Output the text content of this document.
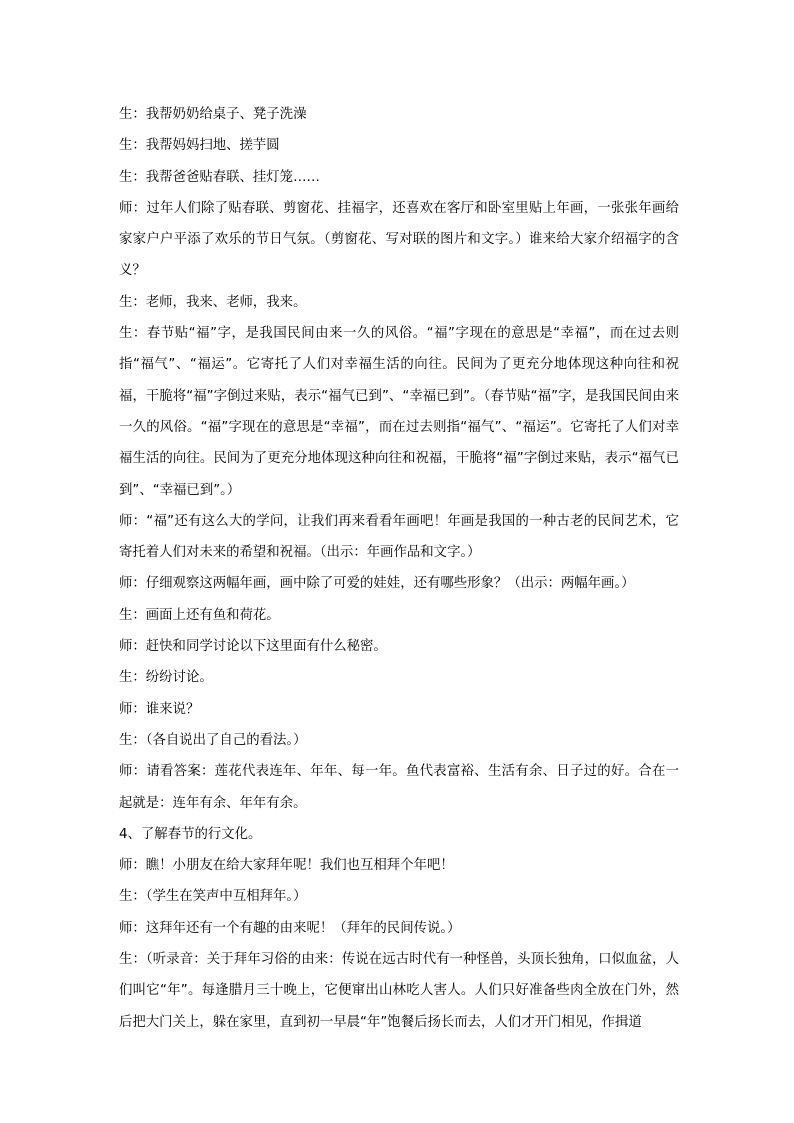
生：我帮奶奶给桌子、凳子洗澡

生：我帮妈妈扫地、搓芋圆

生：我帮爸爸贴春联、挂灯笼……

师：过年人们除了贴春联、剪窗花、挂福字，还喜欢在客厅和卧室里贴上年画，一张张年画给家家户户平添了欢乐的节日气氛。（剪窗花、写对联的图片和文字。）谁来给大家介绍福字的含义？

生：老师，我来、老师，我来。

生：春节贴“福”字，是我国民间由来一久的风俗。“福”字现在的意思是“幸福”，而在过去则指“福气”、“福运”。它寄托了人们对幸福生活的向往。民间为了更充分地体现这种向往和祝福，干脆将“福”字倒过来贴，表示“福气已到”、“幸福已到”。（春节贴“福”字，是我国民间由来一久的风俗。“福”字现在的意思是“幸福”，而在过去则指“福气”、“福运”。它寄托了人们对幸福生活的向往。民间为了更充分地体现这种向往和祝福，干脆将“福”字倒过来贴，表示“福气已到”、“幸福已到”。）

师：“福”还有这么大的学问，让我们再来看看年画吧！年画是我国的一种古老的民间艺术，它寄托着人们对未来的希望和祝福。（出示：年画作品和文字。）

师：仔细观察这两幅年画，画中除了可爱的娃娃，还有哪些形象？（出示：两幅年画。）

生：画面上还有鱼和荷花。

师：赶快和同学讨论以下这里面有什么秘密。

生：纷纷讨论。

师：谁来说？

生：（各自说出了自己的看法。）

师：请看答案：莲花代表连年、年年、每一年。鱼代表富裕、生活有余、日子过的好。合在一起就是：连年有余、年年有余。

4、了解春节的行文化。

师：瞧！小朋友在给大家拜年呢！我们也互相拜个年吧！

生：（学生在笑声中互相拜年。）

师：这拜年还有一个有趣的由来呢！（拜年的民间传说。）

生：（听录音：关于拜年习俗的由来：传说在远古时代有一种怪兽，头顶长独角，口似血盆，人们叫它“年”。每逢腊月三十晚上，它便窜出山林吃人害人。人们只好准备些肉全放在门外，然后把大门关上，躲在家里，直到初一早晨“年”饱餐后扬长而去，人们才开门相见，作揖道
